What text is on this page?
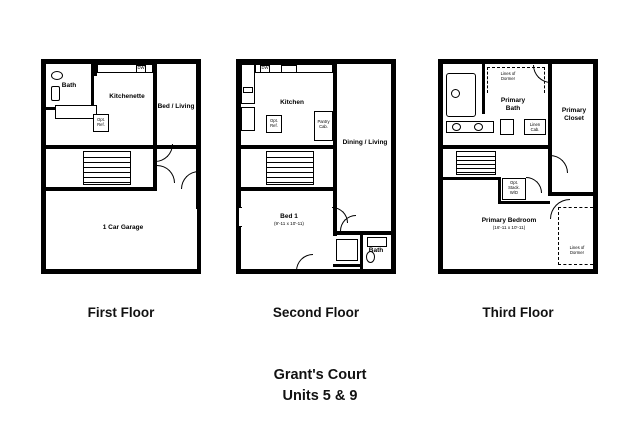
DW
Opt.
Ref.
Bath
Kitchenette
Bed / Living
1 Car Garage
First Floor
DW
Opt.
Ref.
Pantry
Cab.
Kitchen
Dining / Living
Bed 1
(9'-11 x 10'-11)
Bath
Second Floor
Linen
Cab.
Opt.
Stack.
W/D
Lines of
Dormer
Primary
Bath	Primary
Closet
Primary Bedroom
(16'-11 x 10'-11)
Lines of
Dormer
Third Floor
Grant's Court
Units 5 & 9
